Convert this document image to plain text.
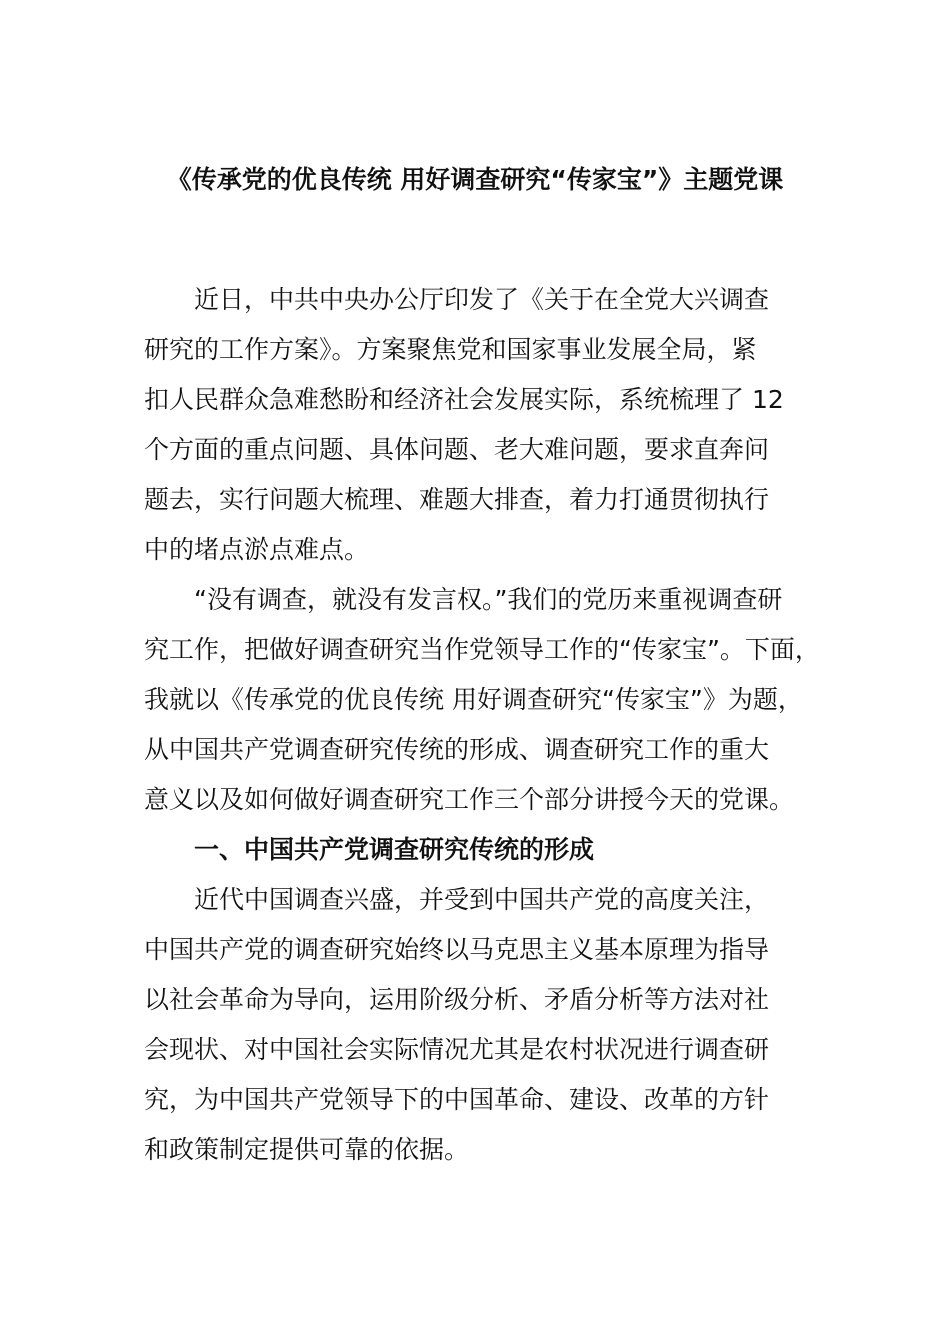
《传承党的优良传统 用好调查研究“传家宝”》主题党课
近日，中共中央办公厅印发了《关于在全党大兴调查
研究的工作方案》。方案聚焦党和国家事业发展全局，紧
扣人民群众急难愁盼和经济社会发展实际，系统梳理了 12
个方面的重点问题、具体问题、老大难问题，要求直奔问
题去，实行问题大梳理、难题大排查，着力打通贯彻执行
中的堵点淤点难点。
“没有调查，就没有发言权。”我们的党历来重视调查研
究工作，把做好调查研究当作党领导工作的“传家宝”。下面，
我就以《传承党的优良传统 用好调查研究“传家宝”》为题，
从中国共产党调查研究传统的形成、调查研究工作的重大
意义以及如何做好调查研究工作三个部分讲授今天的党课。
一、中国共产党调查研究传统的形成
近代中国调查兴盛，并受到中国共产党的高度关注，
中国共产党的调查研究始终以马克思主义基本原理为指导
以社会革命为导向，运用阶级分析、矛盾分析等方法对社
会现状、对中国社会实际情况尤其是农村状况进行调查研
究，为中国共产党领导下的中国革命、建设、改革的方针
和政策制定提供可靠的依据。
